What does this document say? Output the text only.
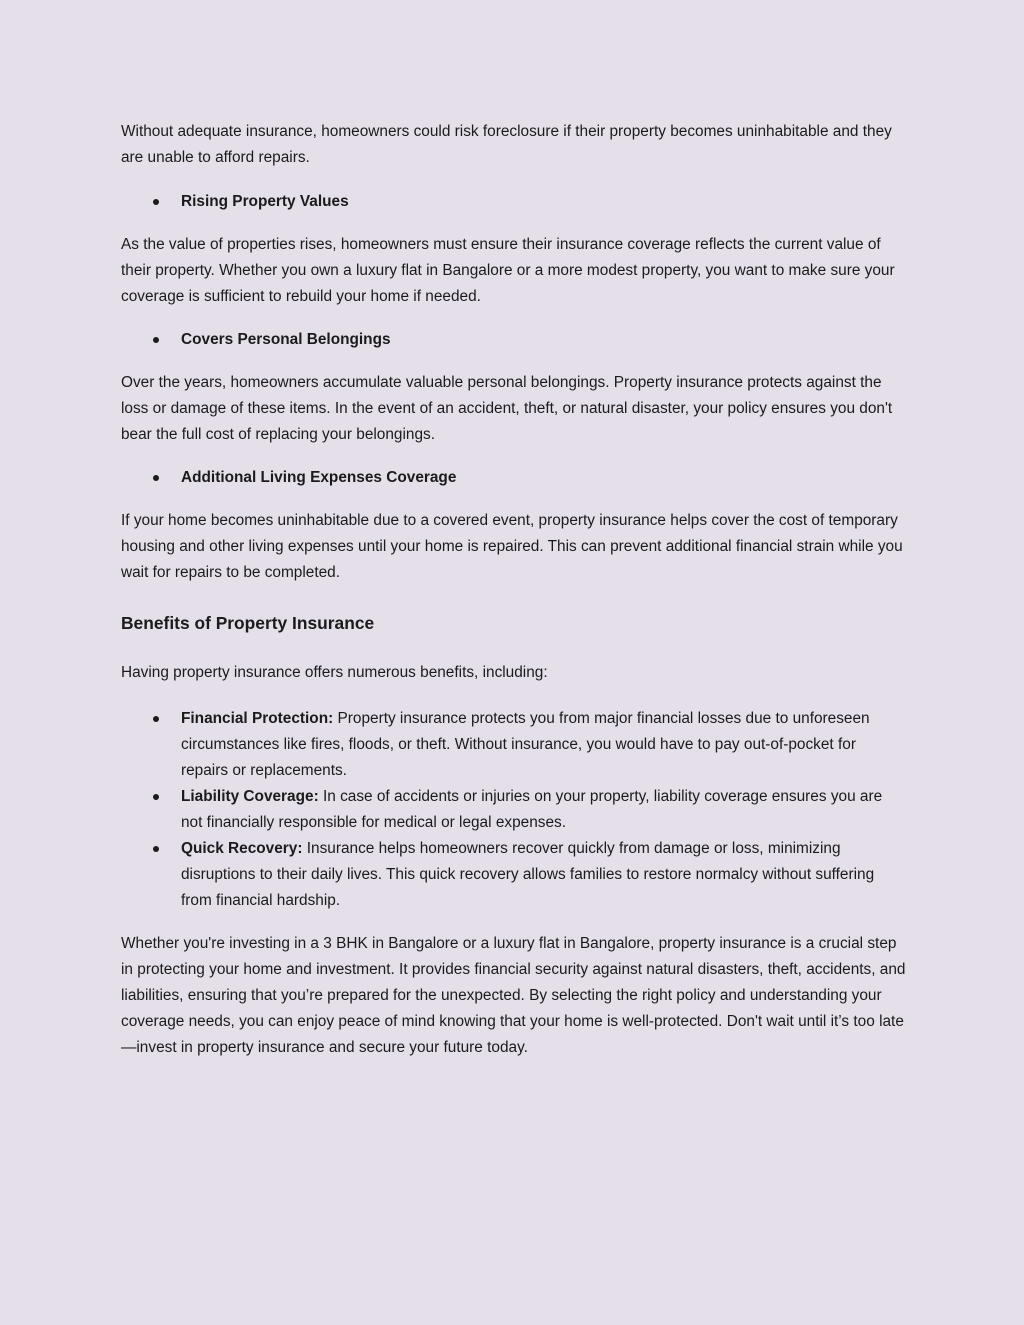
Without adequate insurance, homeowners could risk foreclosure if their property becomes uninhabitable and they are unable to afford repairs.

Rising Property Values

As the value of properties rises, homeowners must ensure their insurance coverage reflects the current value of their property. Whether you own a luxury flat in Bangalore or a more modest property, you want to make sure your coverage is sufficient to rebuild your home if needed.

Covers Personal Belongings

Over the years, homeowners accumulate valuable personal belongings. Property insurance protects against the loss or damage of these items. In the event of an accident, theft, or natural disaster, your policy ensures you don't bear the full cost of replacing your belongings.

Additional Living Expenses Coverage

If your home becomes uninhabitable due to a covered event, property insurance helps cover the cost of temporary housing and other living expenses until your home is repaired. This can prevent additional financial strain while you wait for repairs to be completed.

Benefits of Property Insurance

Having property insurance offers numerous benefits, including:

Financial Protection: Property insurance protects you from major financial losses due to unforeseen circumstances like fires, floods, or theft. Without insurance, you would have to pay out-of-pocket for repairs or replacements.
Liability Coverage: In case of accidents or injuries on your property, liability coverage ensures you are not financially responsible for medical or legal expenses.
Quick Recovery: Insurance helps homeowners recover quickly from damage or loss, minimizing disruptions to their daily lives. This quick recovery allows families to restore normalcy without suffering from financial hardship.

Whether you're investing in a 3 BHK in Bangalore or a luxury flat in Bangalore, property insurance is a crucial step in protecting your home and investment. It provides financial security against natural disasters, theft, accidents, and liabilities, ensuring that you’re prepared for the unexpected. By selecting the right policy and understanding your coverage needs, you can enjoy peace of mind knowing that your home is well-protected. Don't wait until it’s too late—invest in property insurance and secure your future today.
